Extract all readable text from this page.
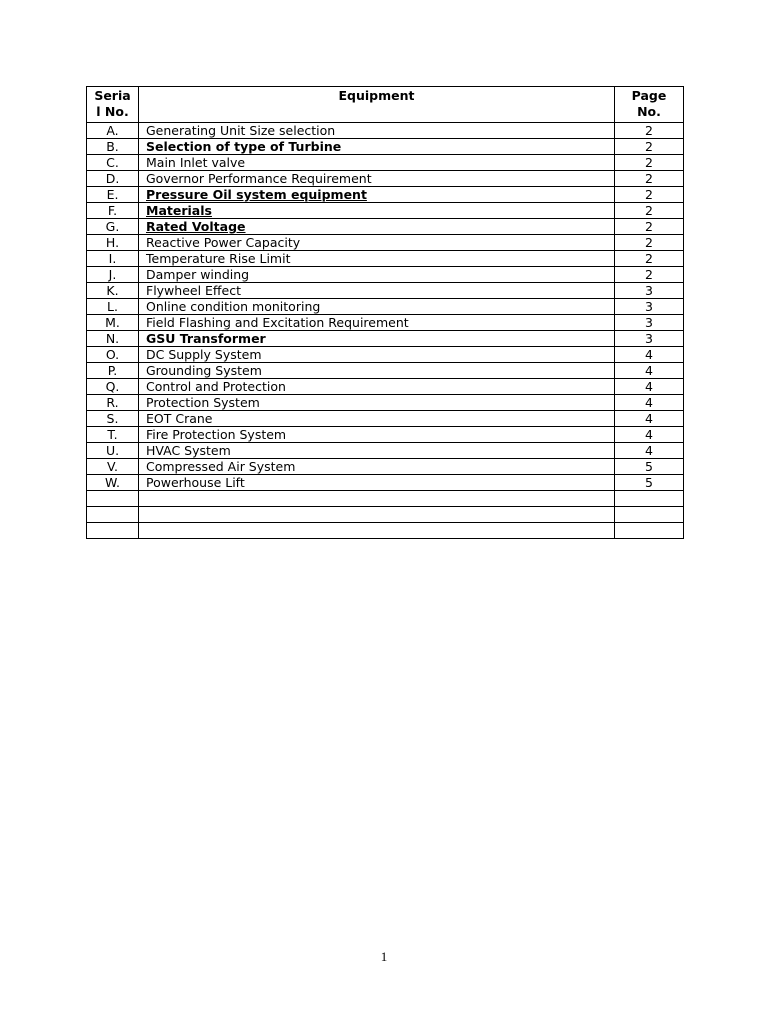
Seria
l No.	Equipment	Page
No.
A.	Generating Unit Size selection	2
B.	Selection of type of Turbine	2
C.	Main Inlet valve	2
D.	Governor Performance Requirement	2
E.	Pressure Oil system equipment	2
F.	Materials	2
G.	Rated Voltage	2
H.	Reactive Power Capacity	2
I.	Temperature Rise Limit	2
J.	Damper winding	2
K.	Flywheel Effect	3
L.	Online condition monitoring	3
M.	Field Flashing and Excitation Requirement	3
N.	GSU Transformer	3
O.	DC Supply System	4
P.	Grounding System	4
Q.	Control and Protection	4
R.	Protection System	4
S.	EOT Crane	4
T.	Fire Protection System	4
U.	HVAC System	4
V.	Compressed Air System	5
W.	Powerhouse Lift	5

1
